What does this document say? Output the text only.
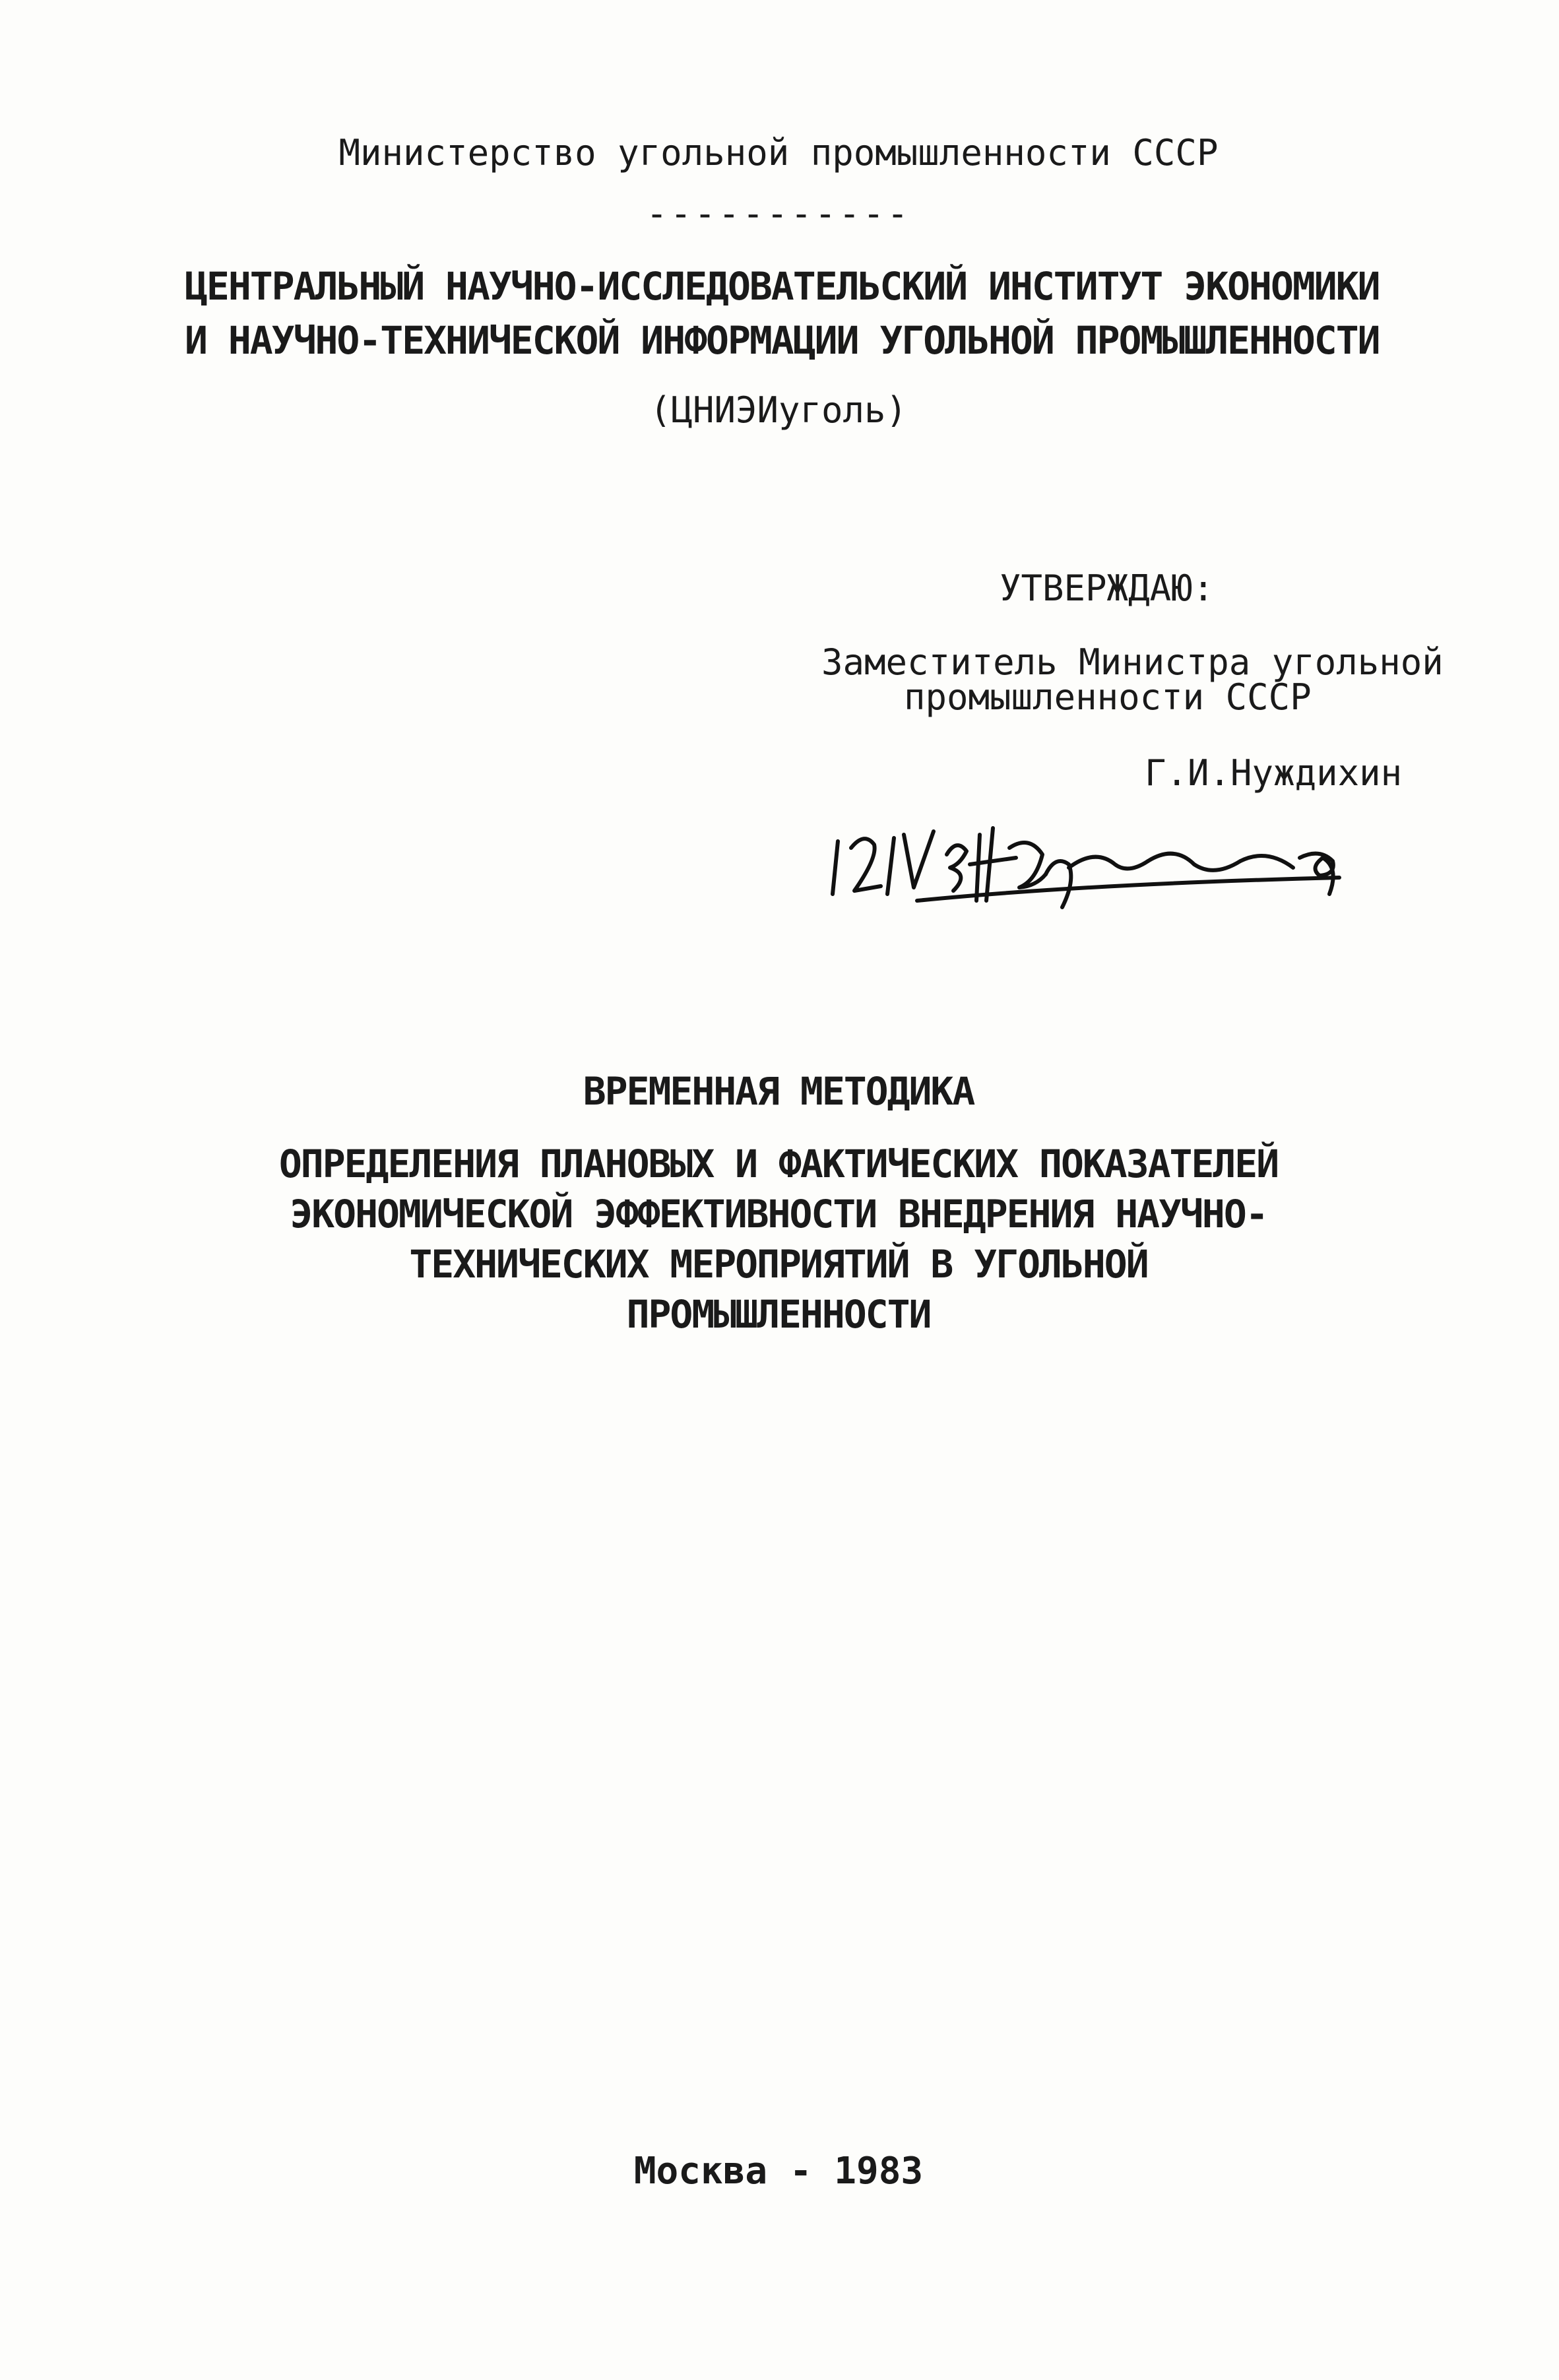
Министерство угольной промышленности СССР
-----------
ЦЕНТРАЛЬНЫЙ НАУЧНО-ИССЛЕДОВАТЕЛЬСКИЙ ИНСТИТУТ ЭКОНОМИКИ
И НАУЧНО-ТЕХНИЧЕСКОЙ ИНФОРМАЦИИ УГОЛЬНОЙ ПРОМЫШЛЕННОСТИ
(ЦНИЭИуголь)
УТВЕРЖДАЮ:
Заместитель Министра угольной
промышленности СССР
Г.И.Нуждихин
ВРЕМЕННАЯ МЕТОДИКА
ОПРЕДЕЛЕНИЯ ПЛАНОВЫХ И ФАКТИЧЕСКИХ ПОКАЗАТЕЛЕЙ
ЭКОНОМИЧЕСКОЙ ЭФФЕКТИВНОСТИ ВНЕДРЕНИЯ НАУЧНО-
ТЕХНИЧЕСКИХ МЕРОПРИЯТИЙ В УГОЛЬНОЙ
ПРОМЫШЛЕННОСТИ
Москва - 1983
